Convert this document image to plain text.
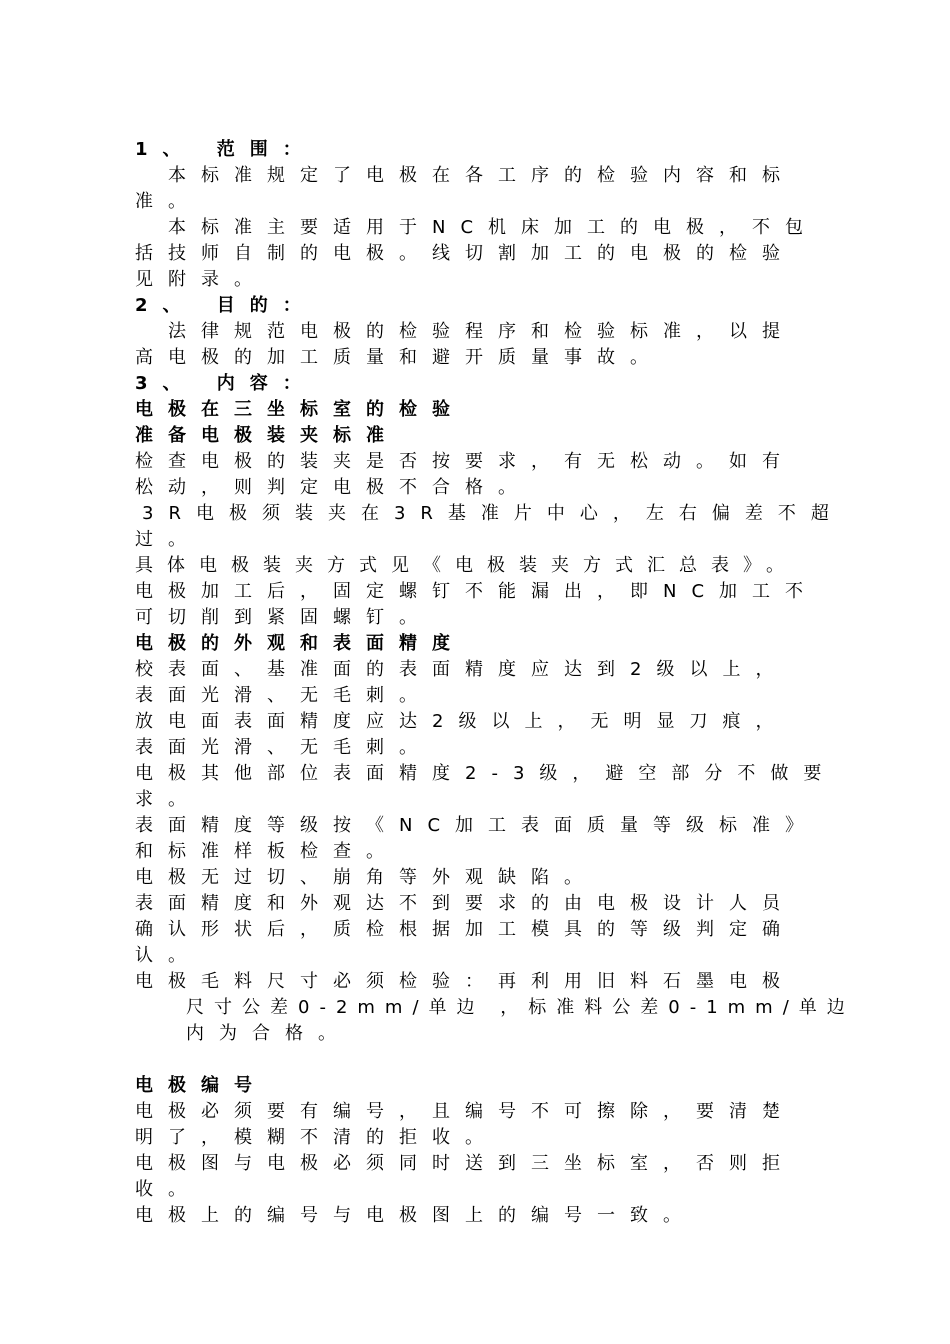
1、 范围：
本标准规定了电极在各工序的检验内容和标
准。
本标准主要适用于NC机床加工的电极，不包
括技师自制的电极。线切割加工的电极的检验
见附录。
2、 目的：
法律规范电极的检验程序和检验标准，以提
高电极的加工质量和避开质量事故。
3、 内容：
电极在三坐标室的检验
准备电极装夹标准
检查电极的装夹是否按要求，有无松动。如有
松动，则判定电极不合格。
3R电极须装夹在3R基准片中心，左右偏差不超
过。
具体电极装夹方式见《电极装夹方式汇总表》。
电极加工后，固定螺钉不能漏出，即NC加工不
可切削到紧固螺钉。
电极的外观和表面精度
校表面、基准面的表面精度应达到2级以上，
表面光滑、无毛刺。
放电面表面精度应达2级以上，无明显刀痕，
表面光滑、无毛刺。
电极其他部位表面精度2-3级，避空部分不做要
求。
表面精度等级按《NC加工表面质量等级标准》
和标准样板检查。
电极无过切、崩角等外观缺陷。
表面精度和外观达不到要求的由电极设计人员
确认形状后，质检根据加工模具的等级判定确
认。
电极毛料尺寸必须检验：再利用旧料石墨电极
尺寸公差0-2mm/单边 ，标准料公差0-1mm/单边
内为合格。
电极编号
电极必须要有编号，且编号不可擦除，要清楚
明了，模糊不清的拒收。
电极图与电极必须同时送到三坐标室，否则拒
收。
电极上的编号与电极图上的编号一致。
